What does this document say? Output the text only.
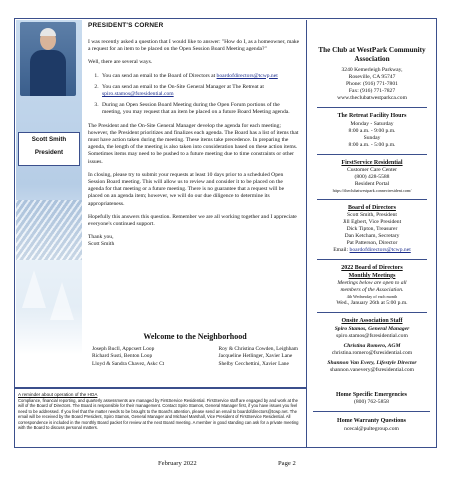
Scott Smith
President
PRESIDENT'S CORNER

I was recently asked a question that I would like to answer: "How do I, as a homeowner, make a request for an item to be placed on the Open Session Board Meeting agenda?"

Well, there are several ways.

1. You can send an email to the Board of Directors at boardofdirectors@tcwp.net
2. You can send an email to the On-Site General Manager at The Retreat at spiro.stamos@fsresidential.com
3. During an Open Session Board Meeting during the Open Forum portions of the meeting, you may request that an item be placed on a future Board Meeting agenda.

The President and the On-Site General Manager develop the agenda for each meeting; however, the President prioritizes and finalizes each agenda. The Board has a list of items that must have action taken during the meeting. These items take precedence. In preparing the agenda, the length of the meeting is also taken into consideration based on these action items. Sometimes items may need to be pushed to a future meeting due to time constraints or other issues.

In closing, please try to submit your requests at least 10 days prior to a scheduled Open Session Board meeting. This will allow us to review and consider it to be placed on the agenda for that meeting or a future meeting. There is no guarantee that a request will be placed on an agenda item; however, we will do our due diligence to determine its appropriateness.

Hopefully this answers this question. Remember we are all working together and I appreciate everyone's continued support.

Thank you,

Scott Smith

Welcome to the Neighborhood
Joseph Bucll, Appcsert Loop
Richard Susti, Benton Loop
Lloyd & Sandra Chavez, Askc Ct
Roy & Christina Cowden, Leighham
Jacqueline Hetlinger, Xavier Lane
Shelby Cecchettini, Xavier Lane
The Club at WestPark Community Association
3240 Kemerleigh Parkway,
Roseville, CA 95747
Phone: (916) 771-7801
Fax: (916) 771-7827
www.theclubatwestparkca.com
The Retreat Facility Hours
Monday - Saturday
8:00 a.m. - 9:00 p.m.
Sunday
8:00 a.m. - 5:00 p.m.
FirstService Residential
Customer Care Center
(800) 428-5588
Resident Portal
https://theclubatwestpark.connectresident.com/
Board of Directors
Scott Smith, President
Jill Egbert, Vice President
Dick Tipton, Treasurer
Dan Ketcham, Secretary
Pat Patterson, Director
Email: boardofdirectors@tcwp.net
2022 Board of Directors
Monthly Meetings
Meetings below are open to all
members of the Association.
4th Wednesday of each month
Wed., January 26th at 5:00 p.m.
Onsite Association Staff
Spiro Stamos, General Manager
spiro.stamos@fsresidential.com
Christina Romero, AGM
christina.romero@fsresidential.com
Shannon Van Every, Lifestyle Director
shannon.vanevery@fsresidential.com
A reminder about operation of the HOA
Compliance, financial reporting, and quarterly assessments are managed by FirstService Residential. FirstService staff are engaged by and work at the will of the Board of Directors. The Board is responsible for their management. Contact Spiro Stamos, General Manager first, if you have issues you feel need to be addressed. If you feel that the matter needs to be brought to the Board's attention, please send an email to boardofdirectors@tcwp.net. The email will be received by the Board President, Spiro Stamos, General Manager and Michael Marshall, Vice President of FirstService Residential. All correspondence is included in the monthly Board packet for review at the next Board meeting. A member in good standing can ask for a private meeting with the Board to discuss personal matters.
Home Specific Emergencies
(800) 762-5858
Home Warranty Questions
ncecal@pultegroup.com
February 2022	Page 2
